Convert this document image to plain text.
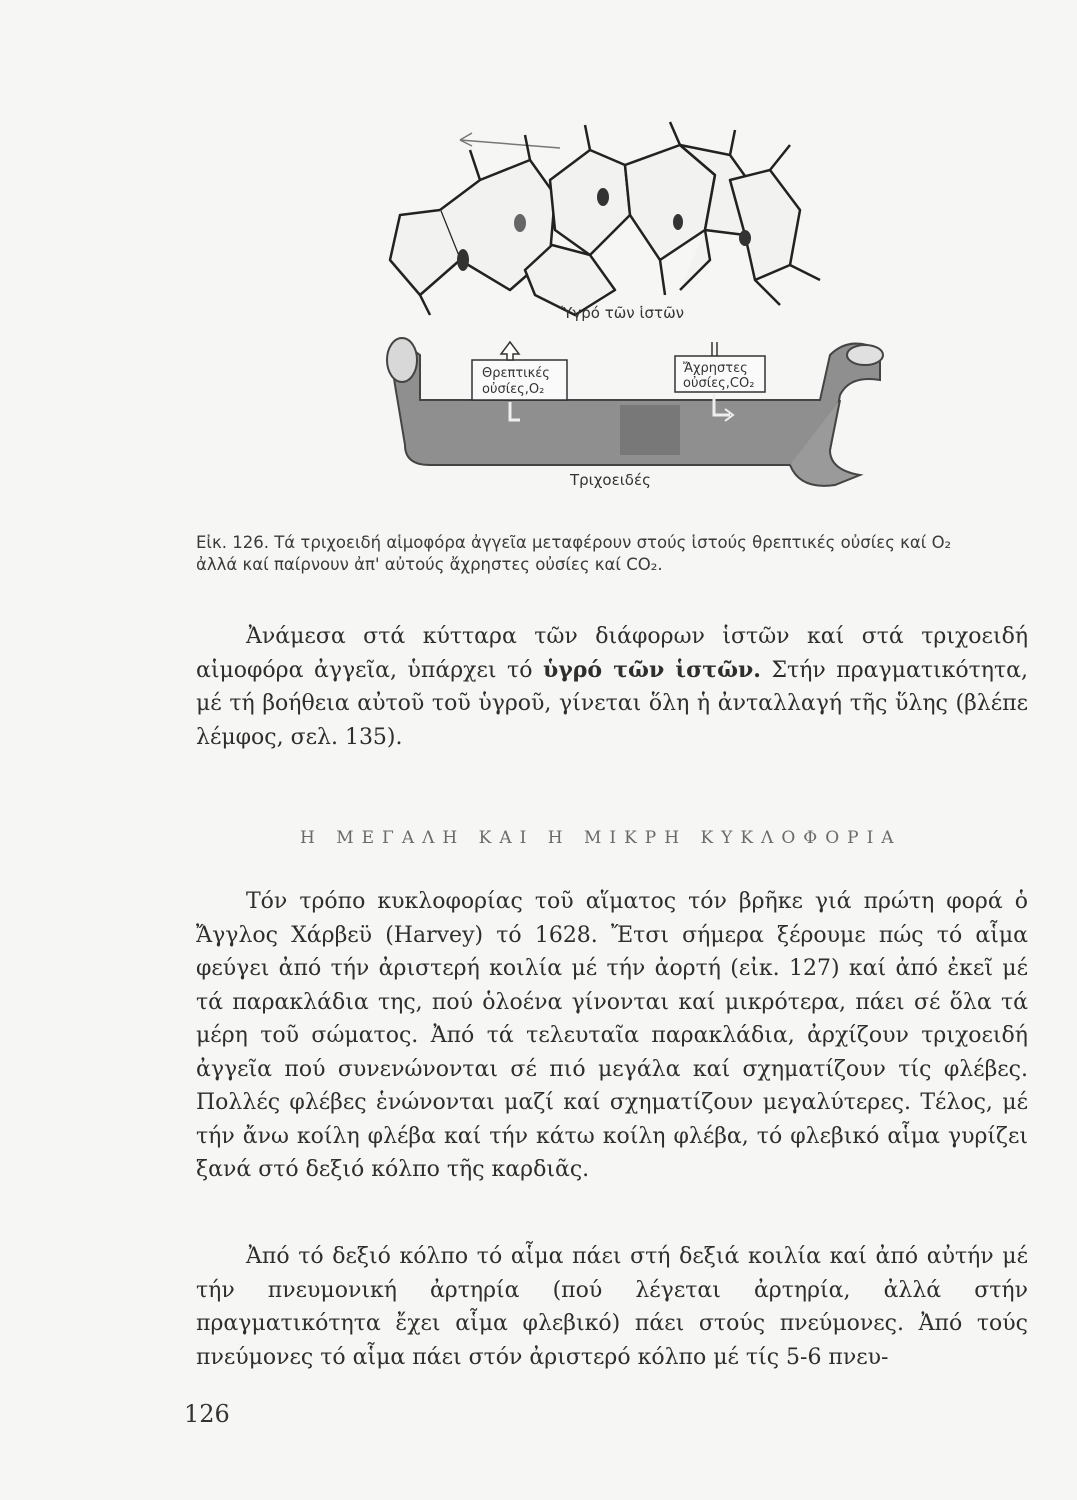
Ύγρό τῶν ἱστῶν
Θρεπτικές
οὐσίες,O₂
Ἄχρηστες
οὐσίες,CO₂
Τριχοειδές
Εἰκ. 126. Τά τριχοειδή αἱμοφόρα ἀγγεῖα μεταφέρουν στούς ἱστούς θρεπτικές οὐσίες καί O₂
ἀλλά καί παίρνουν ἀπ' αὐτούς ἄχρηστες οὐσίες καί CO₂.

Ἀνάμεσα στά κύτταρα τῶν διάφορων ἱστῶν καί στά τριχοειδή αἱμοφόρα ἀγγεῖα, ὑπάρχει τό ὑγρό τῶν ἱστῶν. Στήν πραγματικότητα, μέ τή βοήθεια αὐτοῦ τοῦ ὑγροῦ, γίνεται ὅλη ἡ ἀνταλλαγή τῆς ὕλης (βλέπε λέμφος, σελ. 135).

Η ΜΕΓΑΛΗ ΚΑΙ Η ΜΙΚΡΗ ΚΥΚΛΟΦΟΡΙΑ

Τόν τρόπο κυκλοφορίας τοῦ αἵματος τόν βρῆκε γιά πρώτη φορά ὁ Ἄγγλος Χάρβεϋ (Harvey) τό 1628. Ἔτσι σήμερα ξέρουμε πώς τό αἷμα φεύγει ἀπό τήν ἀριστερή κοιλία μέ τήν ἀορτή (εἰκ. 127) καί ἀπό ἐκεῖ μέ τά παρακλάδια της, πού ὁλοένα γίνονται καί μικρότερα, πάει σέ ὅλα τά μέρη τοῦ σώματος. Ἀπό τά τελευταῖα παρακλάδια, ἀρχίζουν τριχοειδή ἀγγεῖα πού συνενώνονται σέ πιό μεγάλα καί σχηματίζουν τίς φλέβες. Πολλές φλέβες ἑνώνονται μαζί καί σχηματίζουν μεγαλύτερες. Τέλος, μέ τήν ἄνω κοίλη φλέβα καί τήν κάτω κοίλη φλέβα, τό φλεβικό αἷμα γυρίζει ξανά στό δεξιό κόλπο τῆς καρδιᾶς.

Ἀπό τό δεξιό κόλπο τό αἷμα πάει στή δεξιά κοιλία καί ἀπό αὐτήν μέ τήν πνευμονική ἀρτηρία (πού λέγεται ἀρτηρία, ἀλλά στήν πραγματικότητα ἔχει αἷμα φλεβικό) πάει στούς πνεύμονες. Ἀπό τούς πνεύμονες τό αἷμα πάει στόν ἀριστερό κόλπο μέ τίς 5-6 πνευ-

126
